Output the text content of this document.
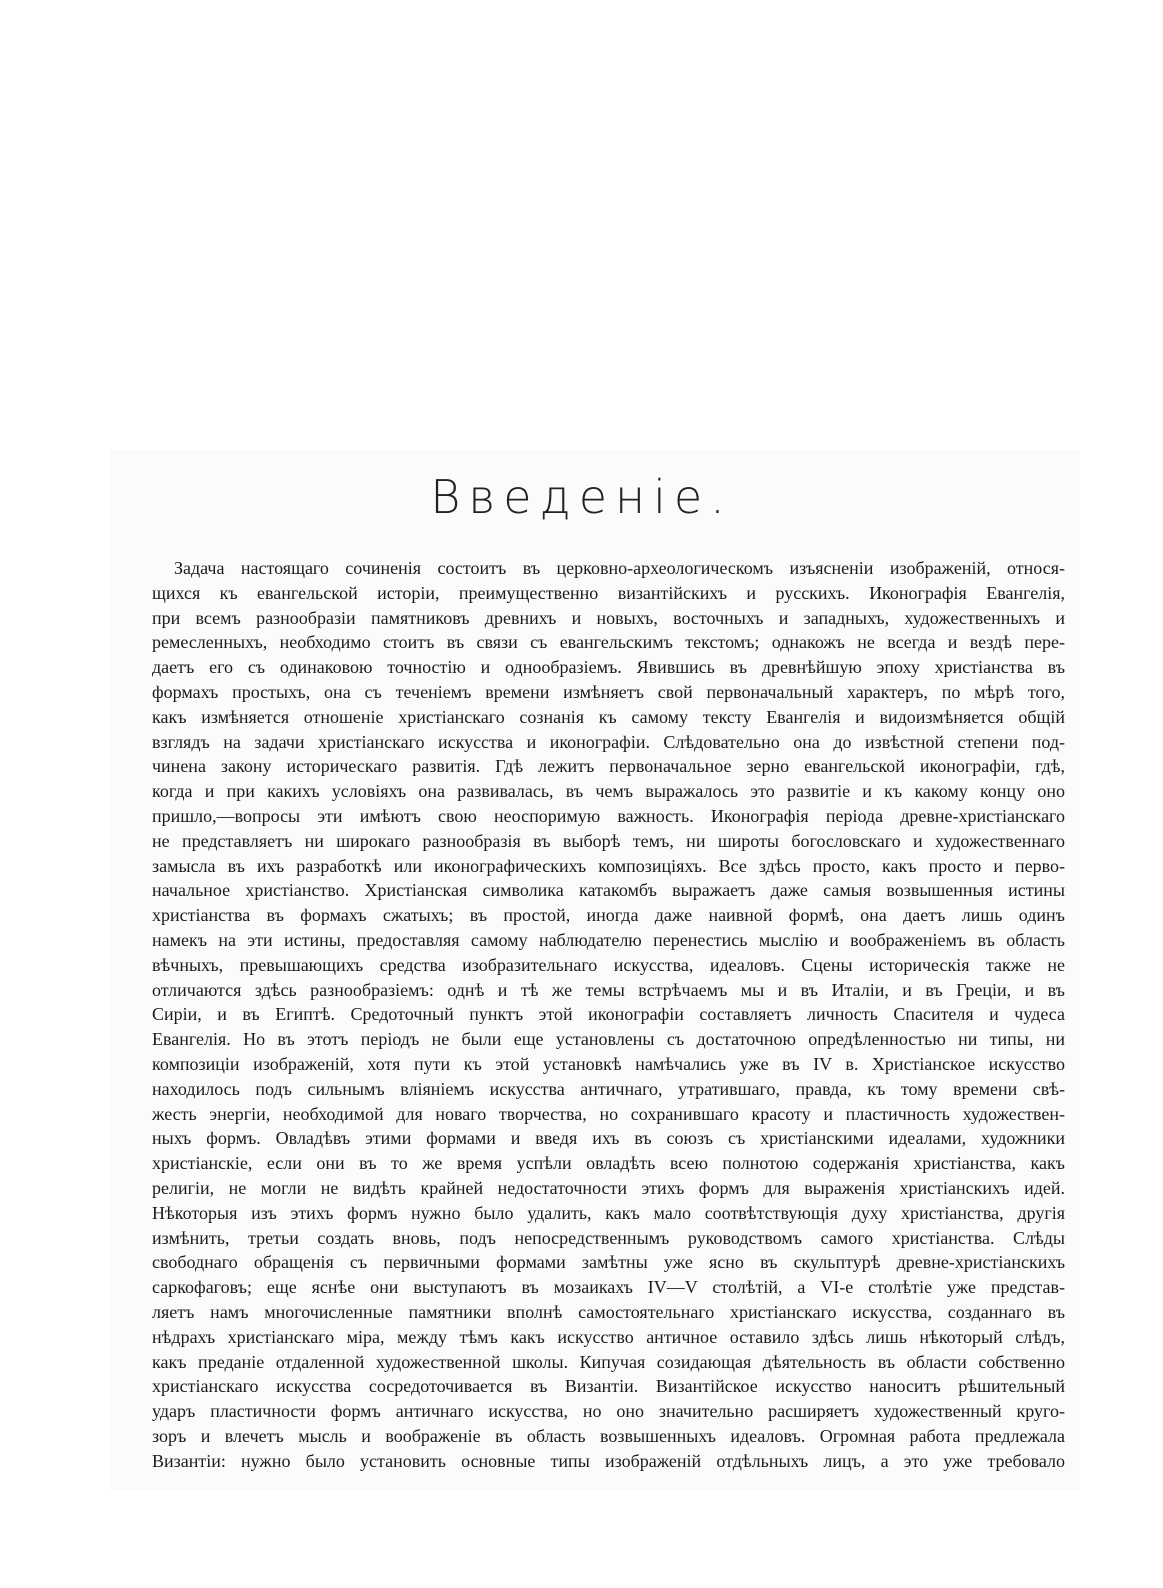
Введеніе.
Задача настоящаго сочиненія состоитъ въ церковно-археологическомъ изъясненіи изображеній, относя-
щихся къ евангельской исторіи, преимущественно византійскихъ и русскихъ. Иконографія Евангелія,
при всемъ разнообразіи памятниковъ древнихъ и новыхъ, восточныхъ и западныхъ, художественныхъ и
ремесленныхъ, необходимо стоитъ въ связи съ евангельскимъ текстомъ; однакожъ не всегда и вездѣ пере-
даетъ его съ одинаковою точностію и однообразіемъ. Явившись въ древнѣйшую эпоху христіанства въ
формахъ простыхъ, она съ теченіемъ времени измѣняетъ свой первоначальный характеръ, по мѣрѣ того,
какъ измѣняется отношеніе христіанскаго сознанія къ самому тексту Евангелія и видоизмѣняется общій
взглядъ на задачи христіанскаго искусства и иконографіи. Слѣдовательно она до извѣстной степени под-
чинена закону историческаго развитія. Гдѣ лежитъ первоначальное зерно евангельской иконографіи, гдѣ,
когда и при какихъ условіяхъ она развивалась, въ чемъ выражалось это развитіе и къ какому концу оно
пришло,—вопросы эти имѣютъ свою неоспоримую важность. Иконографія періода древне-христіанскаго
не представляетъ ни широкаго разнообразія въ выборѣ темъ, ни широты богословскаго и художественнаго
замысла въ ихъ разработкѣ или иконографическихъ композиціяхъ. Все здѣсь просто, какъ просто и перво-
начальное христіанство. Христіанская символика катакомбъ выражаетъ даже самыя возвышенныя истины
христіанства въ формахъ сжатыхъ; въ простой, иногда даже наивной формѣ, она даетъ лишь одинъ
намекъ на эти истины, предоставляя самому наблюдателю перенестись мыслію и воображеніемъ въ область
вѣчныхъ, превышающихъ средства изобразительнаго искусства, идеаловъ. Сцены историческія также не
отличаются здѣсь разнообразіемъ: однѣ и тѣ же темы встрѣчаемъ мы и въ Италіи, и въ Греціи, и въ
Сиріи, и въ Египтѣ. Средоточный пунктъ этой иконографіи составляетъ личность Спасителя и чудеса
Евангелія. Но въ этотъ періодъ не были еще установлены съ достаточною опредѣленностью ни типы, ни
композиціи изображеній, хотя пути къ этой установкѣ намѣчались уже въ IV в. Христіанское искусство
находилось подъ сильнымъ вліяніемъ искусства античнаго, утратившаго, правда, къ тому времени свѣ-
жесть энергіи, необходимой для новаго творчества, но сохранившаго красоту и пластичность художествен-
ныхъ формъ. Овладѣвъ этими формами и введя ихъ въ союзъ съ христіанскими идеалами, художники
христіанскіе, если они въ то же время успѣли овладѣть всею полнотою содержанія христіанства, какъ
религіи, не могли не видѣть крайней недостаточности этихъ формъ для выраженія христіанскихъ идей.
Нѣкоторыя изъ этихъ формъ нужно было удалить, какъ мало соотвѣтствующія духу христіанства, другія
измѣнить, третьи создать вновь, подъ непосредственнымъ руководствомъ самого христіанства. Слѣды
свободнаго обращенія съ первичными формами замѣтны уже ясно въ скульптурѣ древне-христіанскихъ
саркофаговъ; еще яснѣе они выступаютъ въ мозаикахъ IV—V столѣтій, а VI-е столѣтіе уже представ-
ляетъ намъ многочисленные памятники вполнѣ самостоятельнаго христіанскаго искусства, созданнаго въ
нѣдрахъ христіанскаго міра, между тѣмъ какъ искусство античное оставило здѣсь лишь нѣкоторый слѣдъ,
какъ преданіе отдаленной художественной школы. Кипучая созидающая дѣятельность въ области собственно
христіанскаго искусства сосредоточивается въ Византіи. Византійское искусство наноситъ рѣшительный
ударъ пластичности формъ античнаго искусства, но оно значительно расширяетъ художественный круго-
зоръ и влечетъ мысль и воображеніе въ область возвышенныхъ идеаловъ. Огромная работа предлежала
Византіи: нужно было установить основные типы изображеній отдѣльныхъ лицъ, а это уже требовало
